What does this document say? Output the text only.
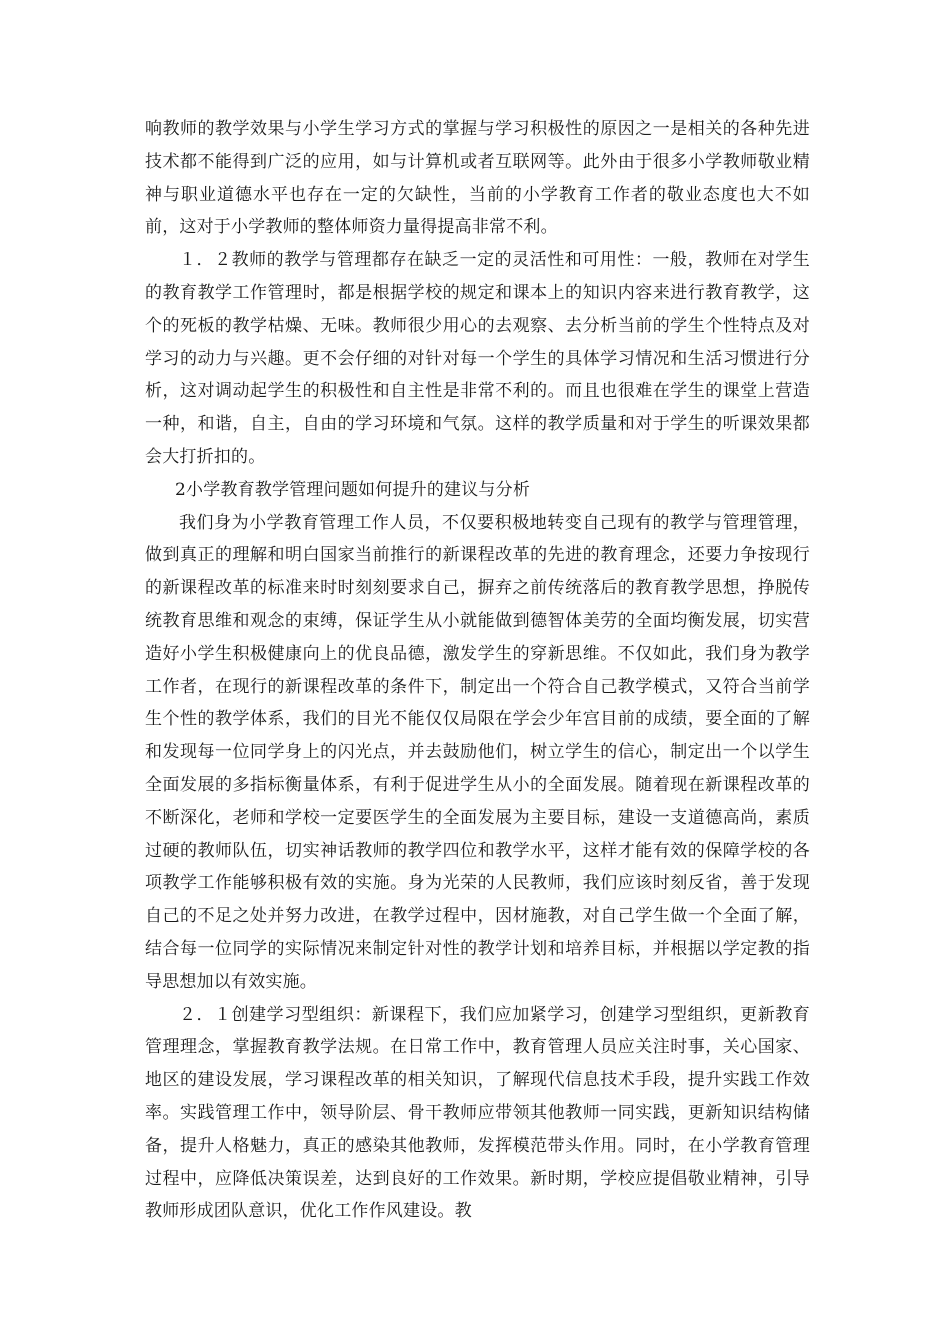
响教师的教学效果与小学生学习方式的掌握与学习积极性的原因之一是相关的各种先进技术都不能得到广泛的应用，如与计算机或者互联网等。此外由于很多小学教师敬业精神与职业道德水平也存在一定的欠缺性，当前的小学教育工作者的敬业态度也大不如前，这对于小学教师的整体师资力量得提高非常不利。

１．２教师的教学与管理都存在缺乏一定的灵活性和可用性：一般，教师在对学生的教育教学工作管理时，都是根据学校的规定和课本上的知识内容来进行教育教学，这个的死板的教学枯燥、无味。教师很少用心的去观察、去分析当前的学生个性特点及对学习的动力与兴趣。更不会仔细的对针对每一个学生的具体学习情况和生活习惯进行分析，这对调动起学生的积极性和自主性是非常不利的。而且也很难在学生的课堂上营造一种，和谐，自主，自由的学习环境和气氛。这样的教学质量和对于学生的听课效果都会大打折扣的。

2小学教育教学管理问题如何提升的建议与分析

我们身为小学教育管理工作人员，不仅要积极地转变自己现有的教学与管理管理，做到真正的理解和明白国家当前推行的新课程改革的先进的教育理念，还要力争按现行的新课程改革的标准来时时刻刻要求自己，摒弃之前传统落后的教育教学思想，挣脱传统教育思维和观念的束缚，保证学生从小就能做到德智体美劳的全面均衡发展，切实营造好小学生积极健康向上的优良品德，激发学生的穿新思维。不仅如此，我们身为教学工作者，在现行的新课程改革的条件下，制定出一个符合自己教学模式，又符合当前学生个性的教学体系，我们的目光不能仅仅局限在学会少年宫目前的成绩，要全面的了解和发现每一位同学身上的闪光点，并去鼓励他们，树立学生的信心，制定出一个以学生全面发展的多指标衡量体系，有利于促进学生从小的全面发展。随着现在新课程改革的不断深化，老师和学校一定要医学生的全面发展为主要目标，建设一支道德高尚，素质过硬的教师队伍，切实神话教师的教学四位和教学水平，这样才能有效的保障学校的各项教学工作能够积极有效的实施。身为光荣的人民教师，我们应该时刻反省，善于发现自己的不足之处并努力改进，在教学过程中，因材施教，对自己学生做一个全面了解，结合每一位同学的实际情况来制定针对性的教学计划和培养目标，并根据以学定教的指导思想加以有效实施。

２．１创建学习型组织：新课程下，我们应加紧学习，创建学习型组织，更新教育管理理念，掌握教育教学法规。在日常工作中，教育管理人员应关注时事，关心国家、地区的建设发展，学习课程改革的相关知识，了解现代信息技术手段，提升实践工作效率。实践管理工作中，领导阶层、骨干教师应带领其他教师一同实践，更新知识结构储备，提升人格魅力，真正的感染其他教师，发挥模范带头作用。同时，在小学教育管理过程中，应降低决策误差，达到良好的工作效果。新时期，学校应提倡敬业精神，引导教师形成团队意识，优化工作作风建设。教
